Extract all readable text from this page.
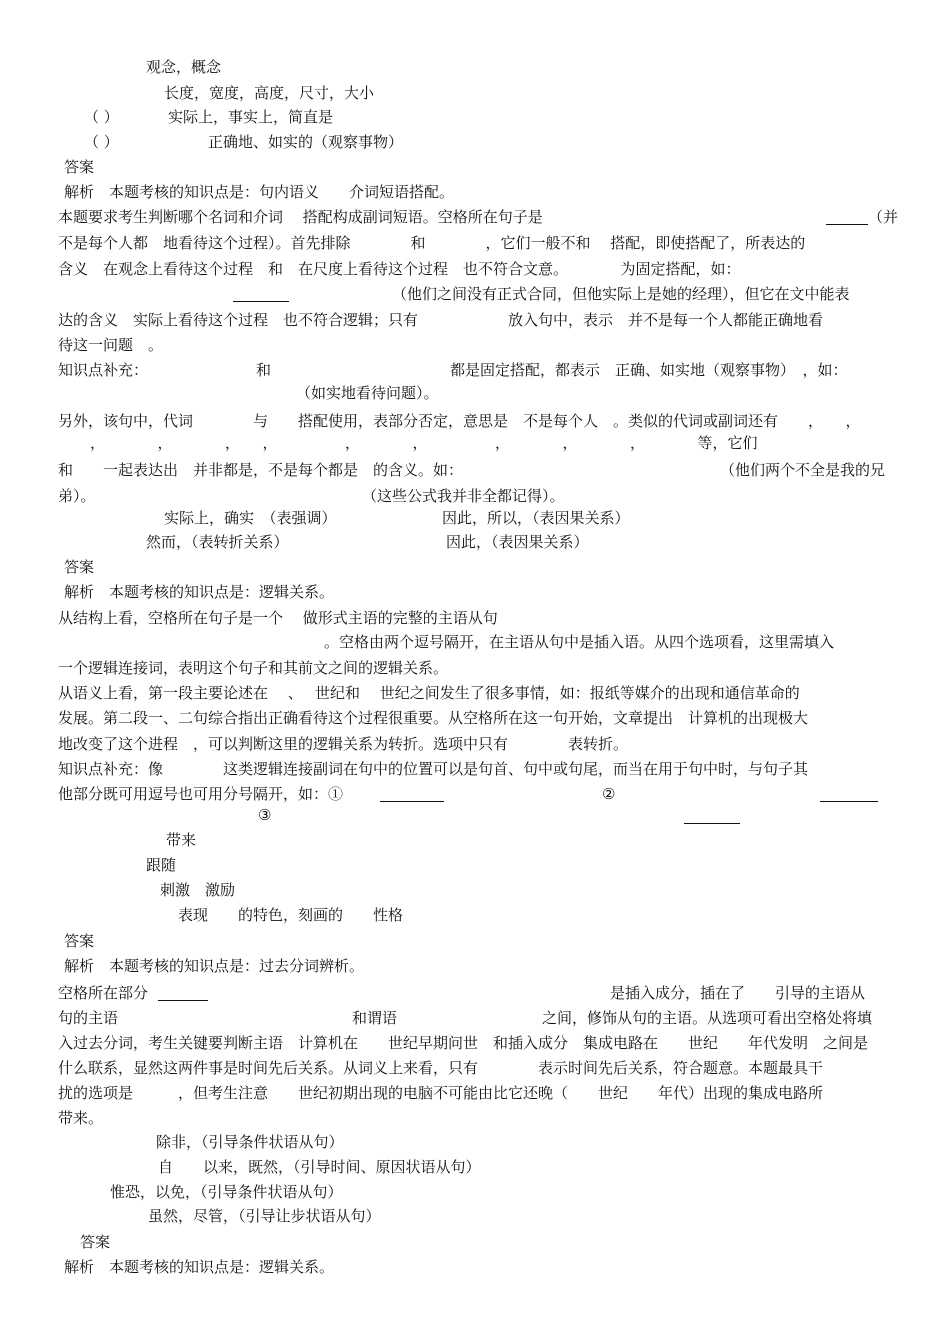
观念，概念
长度，宽度，高度，尺寸，大小
（ ）	实际上，事实上，简直是
（ ）	正确地、如实的（观察事物）
答案
解析　本题考核的知识点是：句内语义　　介词短语搭配。
本题要求考生判断哪个名词和介词　 搭配构成副词短语。空格所在句子是	（并
不是每个人都　地看待这个过程）。首先排除　　　　和　　　　，它们一般不和　 搭配，即使搭配了，所表达的
含义　在观念上看待这个过程　和　在尺度上看待这个过程　也不符合文意。　　　　为固定搭配，如：
（他们之间没有正式合同，但他实际上是她的经理），但它在文中能表
达的含义　实际上看待这个过程　也不符合逻辑；只有　　　　　　放入句中，表示　并不是每一个人都能正确地看
待这一问题　。
知识点补充：	和	都是固定搭配，都表示　正确、如实地（观察事物）　，如：
（如实地看待问题）。
另外，该句中，代词　　　　与　　搭配使用，表部分否定，意思是　不是每个人　。类似的代词或副词还有　　，　　，
，　　　　，　　　　，　　，　　　　　，　　　　，　　　　　，　　　　，　　　　，　　　　等，它们
和　　一起表达出　并非都是，不是每个都是　的含义。如：	（他们两个不全是我的兄
弟）。	（这些公式我并非全都记得）。
实际上，确实　（表强调）	因此，所以，（表因果关系）
然而，（表转折关系）	因此，（表因果关系）
答案
解析　本题考核的知识点是：逻辑关系。
从结构上看，空格所在句子是一个　 做形式主语的完整的主语从句
。空格由两个逗号隔开，在主语从句中是插入语。从四个选项看，这里需填入
一个逻辑连接词，表明这个句子和其前文之间的逻辑关系。
从语义上看，第一段主要论述在　 、　 世纪和　 世纪之间发生了很多事情，如：报纸等媒介的出现和通信革命的
发展。第二段一、二句综合指出正确看待这个过程很重要。从空格所在这一句开始，文章提出　计算机的出现极大
地改变了这个进程　，可以判断这里的逻辑关系为转折。选项中只有　　　　表转折。
知识点补充：像　　　　这类逻辑连接副词在句中的位置可以是句首、句中或句尾，而当在用于句中时，与句子其
他部分既可用逗号也可用分号隔开，如：①	②
③
带来
跟随
刺激　激励
表现　　的特色，刻画的　　性格
答案
解析　本题考核的知识点是：过去分词辨析。
空格所在部分	是插入成分，插在了　　引导的主语从
句的主语	和谓语	之间，修饰从句的主语。从选项可看出空格处将填
入过去分词，考生关键要判断主语　计算机在　　世纪早期问世　和插入成分　集成电路在　　世纪　　年代发明　之间是
什么联系，显然这两件事是时间先后关系。从词义上来看，只有　　　　表示时间先后关系，符合题意。本题最具干
扰的选项是　　　，但考生注意　　世纪初期出现的电脑不可能由比它还晚（　　世纪　　年代）出现的集成电路所
带来。
除非，（引导条件状语从句）
自　　以来，既然，（引导时间、原因状语从句）
惟恐，以免，（引导条件状语从句）
虽然，尽管，（引导让步状语从句）
答案
解析　本题考核的知识点是：逻辑关系。
